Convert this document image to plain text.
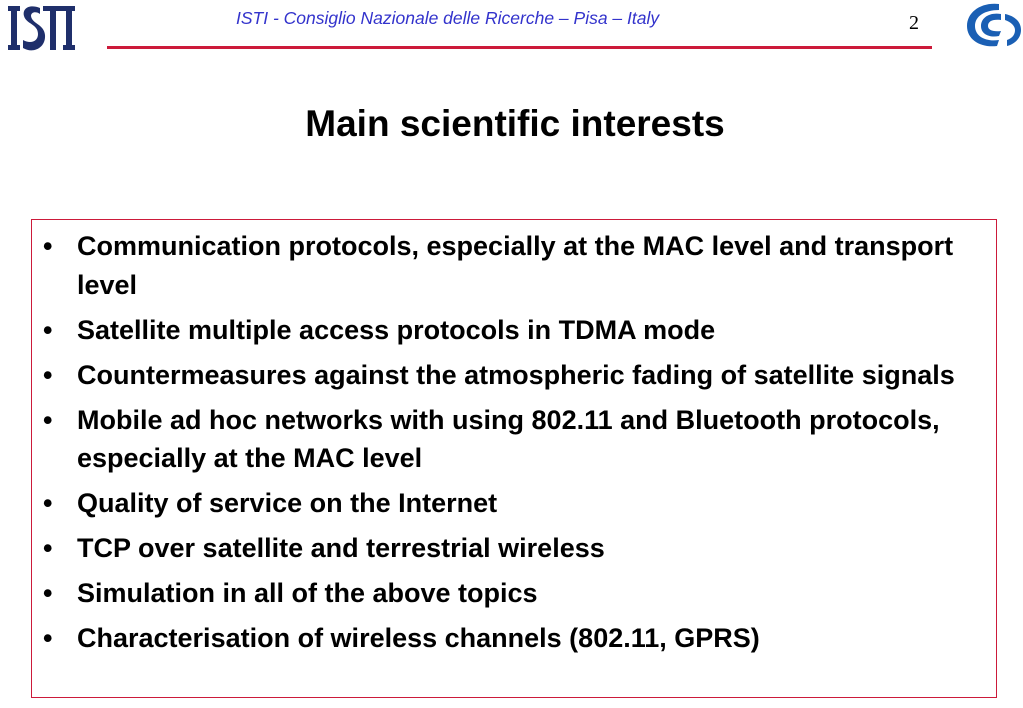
ISTI - Consiglio Nazionale delle Ricerche – Pisa – Italy	2
Main scientific interests
• Communication protocols, especially at the MAC level and transport level
• Satellite multiple access protocols in TDMA mode
• Countermeasures against the atmospheric fading of satellite signals
• Mobile ad hoc networks with using 802.11 and Bluetooth protocols, especially at the MAC level
• Quality of service on the Internet
• TCP over satellite and terrestrial wireless
• Simulation in all of the above topics
• Characterisation of wireless channels (802.11, GPRS)
